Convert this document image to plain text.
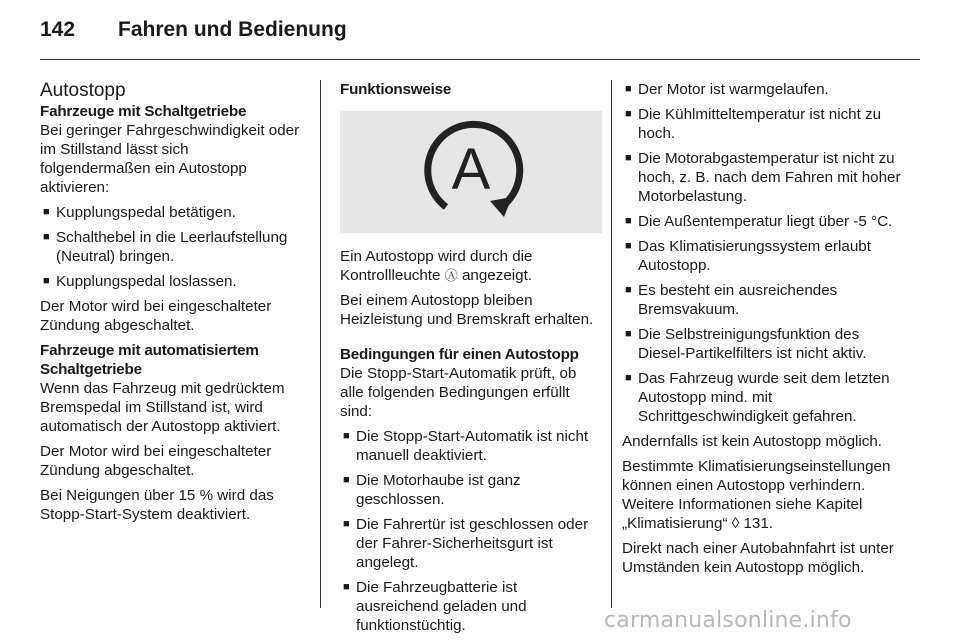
142 Fahren und Bedienung
Autostopp
Fahrzeuge mit Schaltgetriebe

Bei geringer Fahrgeschwindigkeit oder im Stillstand lässt sich folgendermaßen ein Autostopp aktivieren:

■ Kupplungspedal betätigen.
■ Schalthebel in die Leerlaufstellung (Neutral) bringen.
■ Kupplungspedal loslassen.

Der Motor wird bei eingeschalteter Zündung abgeschaltet.

Fahrzeuge mit automatisiertem Schaltgetriebe

Wenn das Fahrzeug mit gedrücktem Bremspedal im Stillstand ist, wird automatisch der Autostopp aktiviert.

Der Motor wird bei eingeschalteter Zündung abgeschaltet.

Bei Neigungen über 15 % wird das Stopp-Start-System deaktiviert.

Funktionsweise
A

Ein Autostopp wird durch die Kontrollleuchte Ⓐ angezeigt.

Bei einem Autostopp bleiben Heizleistung und Bremskraft erhalten.

Bedingungen für einen Autostopp

Die Stopp-Start-Automatik prüft, ob alle folgenden Bedingungen erfüllt sind:

■ Die Stopp-Start-Automatik ist nicht manuell deaktiviert.
■ Die Motorhaube ist ganz geschlossen.
■ Die Fahrertür ist geschlossen oder der Fahrer-Sicherheitsgurt ist angelegt.
■ Die Fahrzeugbatterie ist ausreichend geladen und funktionstüchtig.
■ Der Motor ist warmgelaufen.
■ Die Kühlmitteltemperatur ist nicht zu hoch.
■ Die Motorabgastemperatur ist nicht zu hoch, z. B. nach dem Fahren mit hoher Motorbelastung.
■ Die Außentemperatur liegt über -5 °C.
■ Das Klimatisierungssystem erlaubt Autostopp.
■ Es besteht ein ausreichendes Bremsvakuum.
■ Die Selbstreinigungsfunktion des Diesel-Partikelfilters ist nicht aktiv.
■ Das Fahrzeug wurde seit dem letzten Autostopp mind. mit Schrittgeschwindigkeit gefahren.

Andernfalls ist kein Autostopp möglich.

Bestimmte Klimatisierungseinstellungen können einen Autostopp verhindern. Weitere Informationen siehe Kapitel „Klimatisierung“ ◊ 131.

Direkt nach einer Autobahnfahrt ist unter Umständen kein Autostopp möglich.

carmanualsonline.info
